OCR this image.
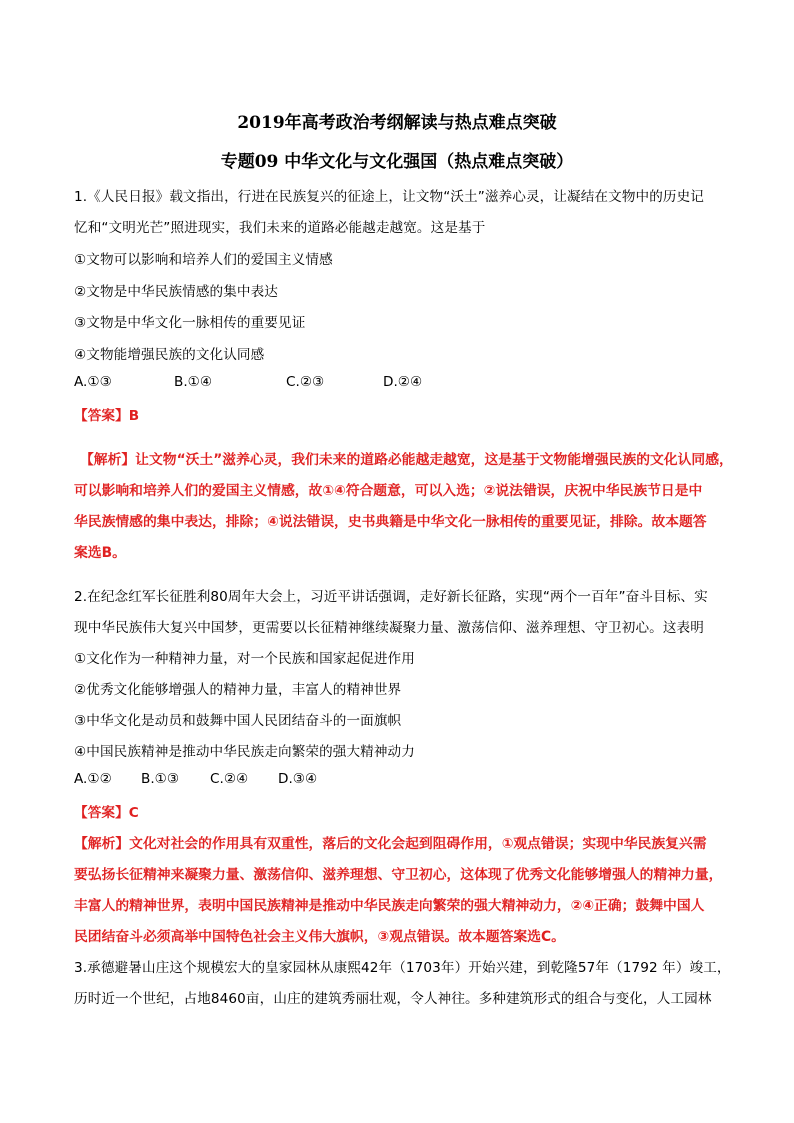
2019年高考政治考纲解读与热点难点突破
专题09 中华文化与文化强国（热点难点突破）
1.《人民日报》载文指出，行进在民族复兴的征途上，让文物“沃土”滋养心灵，让凝结在文物中的历史记
忆和“文明光芒”照进现实，我们未来的道路必能越走越宽。这是基于
①文物可以影响和培养人们的爱国主义情感
②文物是中华民族情感的集中表达
③文物是中华文化一脉相传的重要见证
④文物能增强民族的文化认同感
A.①③	B.①④	C.②③	D.②④
【答案】B
【解析】让文物“沃土”滋养心灵，我们未来的道路必能越走越宽，这是基于文物能增强民族的文化认同感，
可以影响和培养人们的爱国主义情感，故①④符合题意，可以入选；②说法错误，庆祝中华民族节日是中
华民族情感的集中表达，排除；④说法错误，史书典籍是中华文化一脉相传的重要见证，排除。故本题答
案选B。
2.在纪念红军长征胜利80周年大会上，习近平讲话强调，走好新长征路，实现“两个一百年”奋斗目标、实
现中华民族伟大复兴中国梦，更需要以长征精神继续凝聚力量、激荡信仰、滋养理想、守卫初心。这表明
①文化作为一种精神力量，对一个民族和国家起促进作用
②优秀文化能够增强人的精神力量，丰富人的精神世界
③中华文化是动员和鼓舞中国人民团结奋斗的一面旗帜
④中国民族精神是推动中华民族走向繁荣的强大精神动力
A.①② B.①③ C.②④ D.③④
【答案】C
【解析】文化对社会的作用具有双重性，落后的文化会起到阻碍作用，①观点错误；实现中华民族复兴需
要弘扬长征精神来凝聚力量、激荡信仰、滋养理想、守卫初心，这体现了优秀文化能够增强人的精神力量，
丰富人的精神世界，表明中国民族精神是推动中华民族走向繁荣的强大精神动力，②④正确；鼓舞中国人
民团结奋斗必须高举中国特色社会主义伟大旗帜，③观点错误。故本题答案选C。
3.承德避暑山庄这个规模宏大的皇家园林从康熙42年（1703年）开始兴建，到乾隆57年（1792 年）竣工，
历时近一个世纪，占地8460亩，山庄的建筑秀丽壮观，令人神往。多种建筑形式的组合与变化，人工园林
